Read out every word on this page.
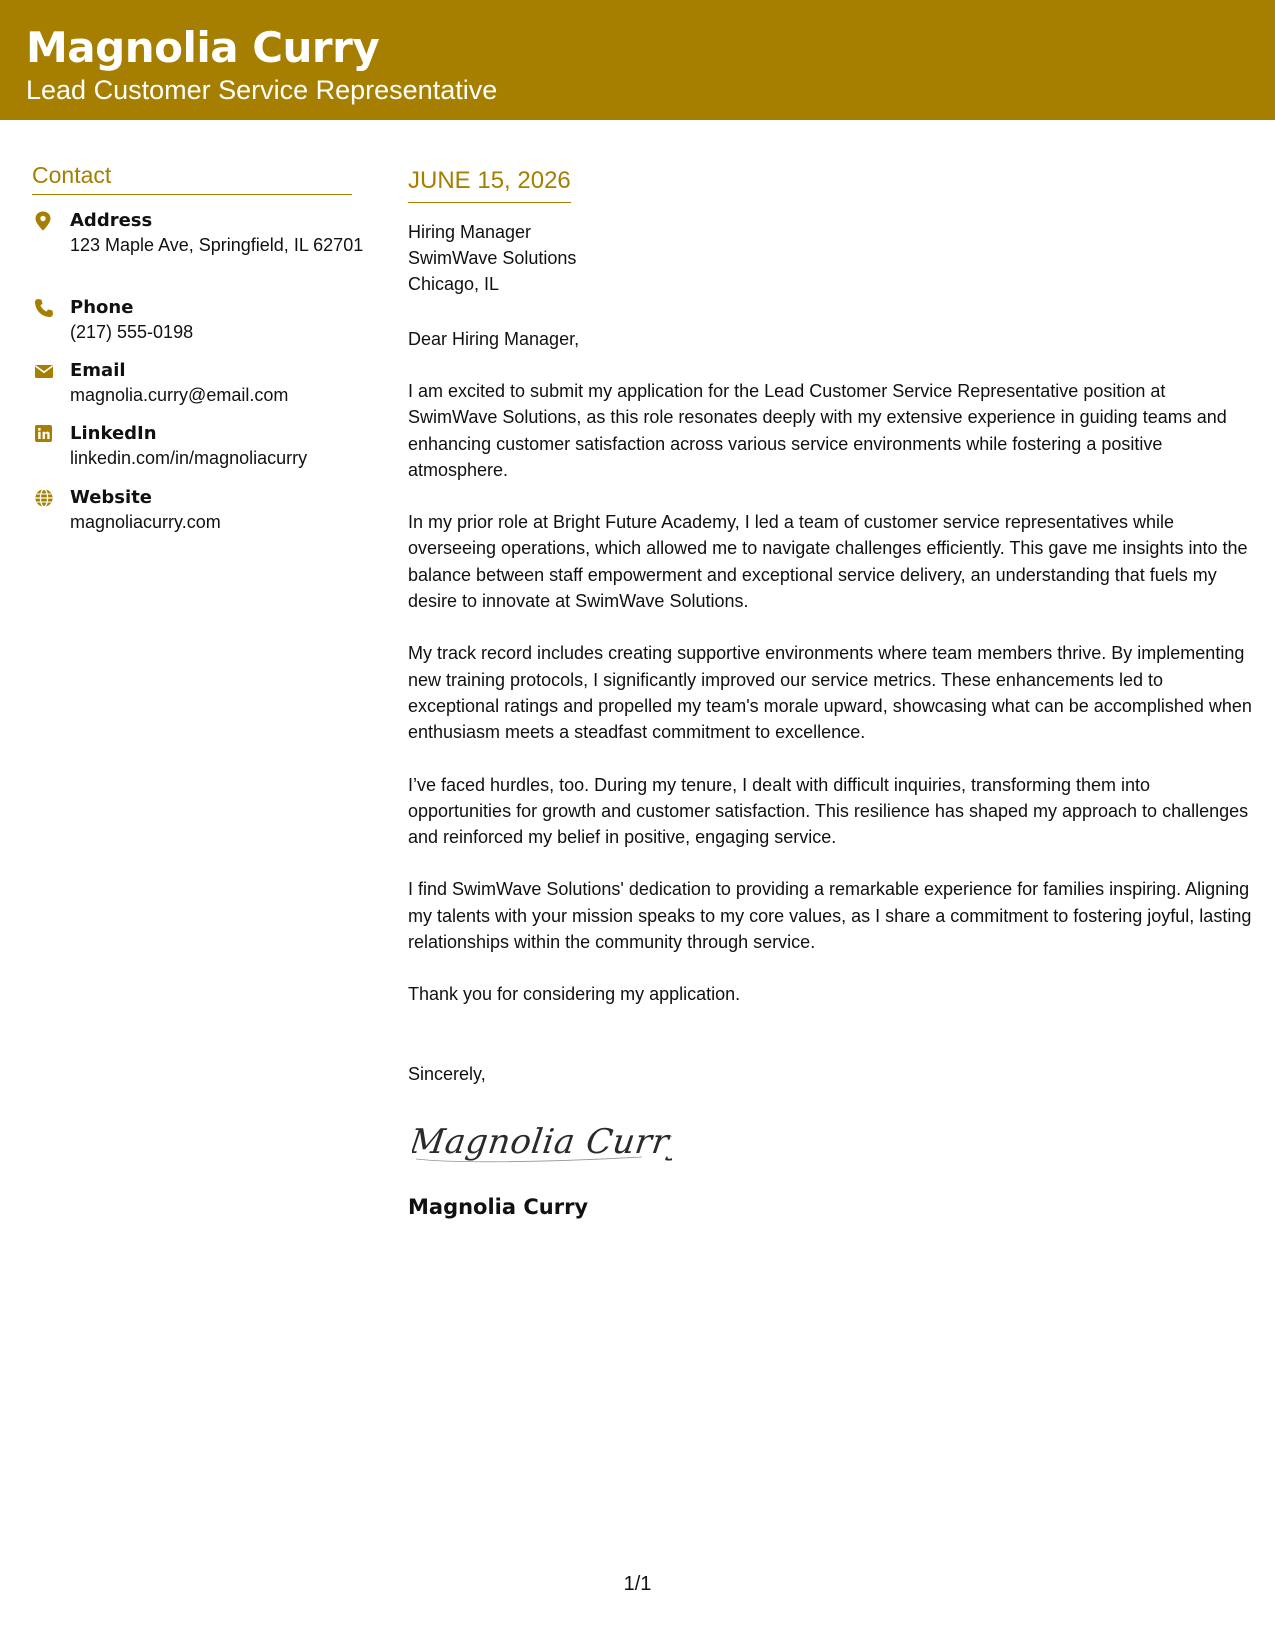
Magnolia Curry
Lead Customer Service Representative
Contact
Address
123 Maple Ave, Springfield, IL 62701
Phone
(217) 555-0198
Email
magnolia.curry@email.com
LinkedIn
linkedin.com/in/magnoliacurry
Website
magnoliacurry.com
JUNE 15, 2026
Hiring Manager
SwimWave Solutions
Chicago, IL
Dear Hiring Manager,
I am excited to submit my application for the Lead Customer Service Representative position at SwimWave Solutions, as this role resonates deeply with my extensive experience in guiding teams and enhancing customer satisfaction across various service environments while fostering a positive atmosphere.
In my prior role at Bright Future Academy, I led a team of customer service representatives while overseeing operations, which allowed me to navigate challenges efficiently. This gave me insights into the balance between staff empowerment and exceptional service delivery, an understanding that fuels my desire to innovate at SwimWave Solutions.
My track record includes creating supportive environments where team members thrive. By implementing new training protocols, I significantly improved our service metrics. These enhancements led to exceptional ratings and propelled my team's morale upward, showcasing what can be accomplished when enthusiasm meets a steadfast commitment to excellence.
I’ve faced hurdles, too. During my tenure, I dealt with difficult inquiries, transforming them into opportunities for growth and customer satisfaction. This resilience has shaped my approach to challenges and reinforced my belief in positive, engaging service.
I find SwimWave Solutions' dedication to providing a remarkable experience for families inspiring. Aligning my talents with your mission speaks to my core values, as I share a commitment to fostering joyful, lasting relationships within the community through service.
Thank you for considering my application.
Sincerely,
Magnolia Curry
Magnolia Curry
1/1
